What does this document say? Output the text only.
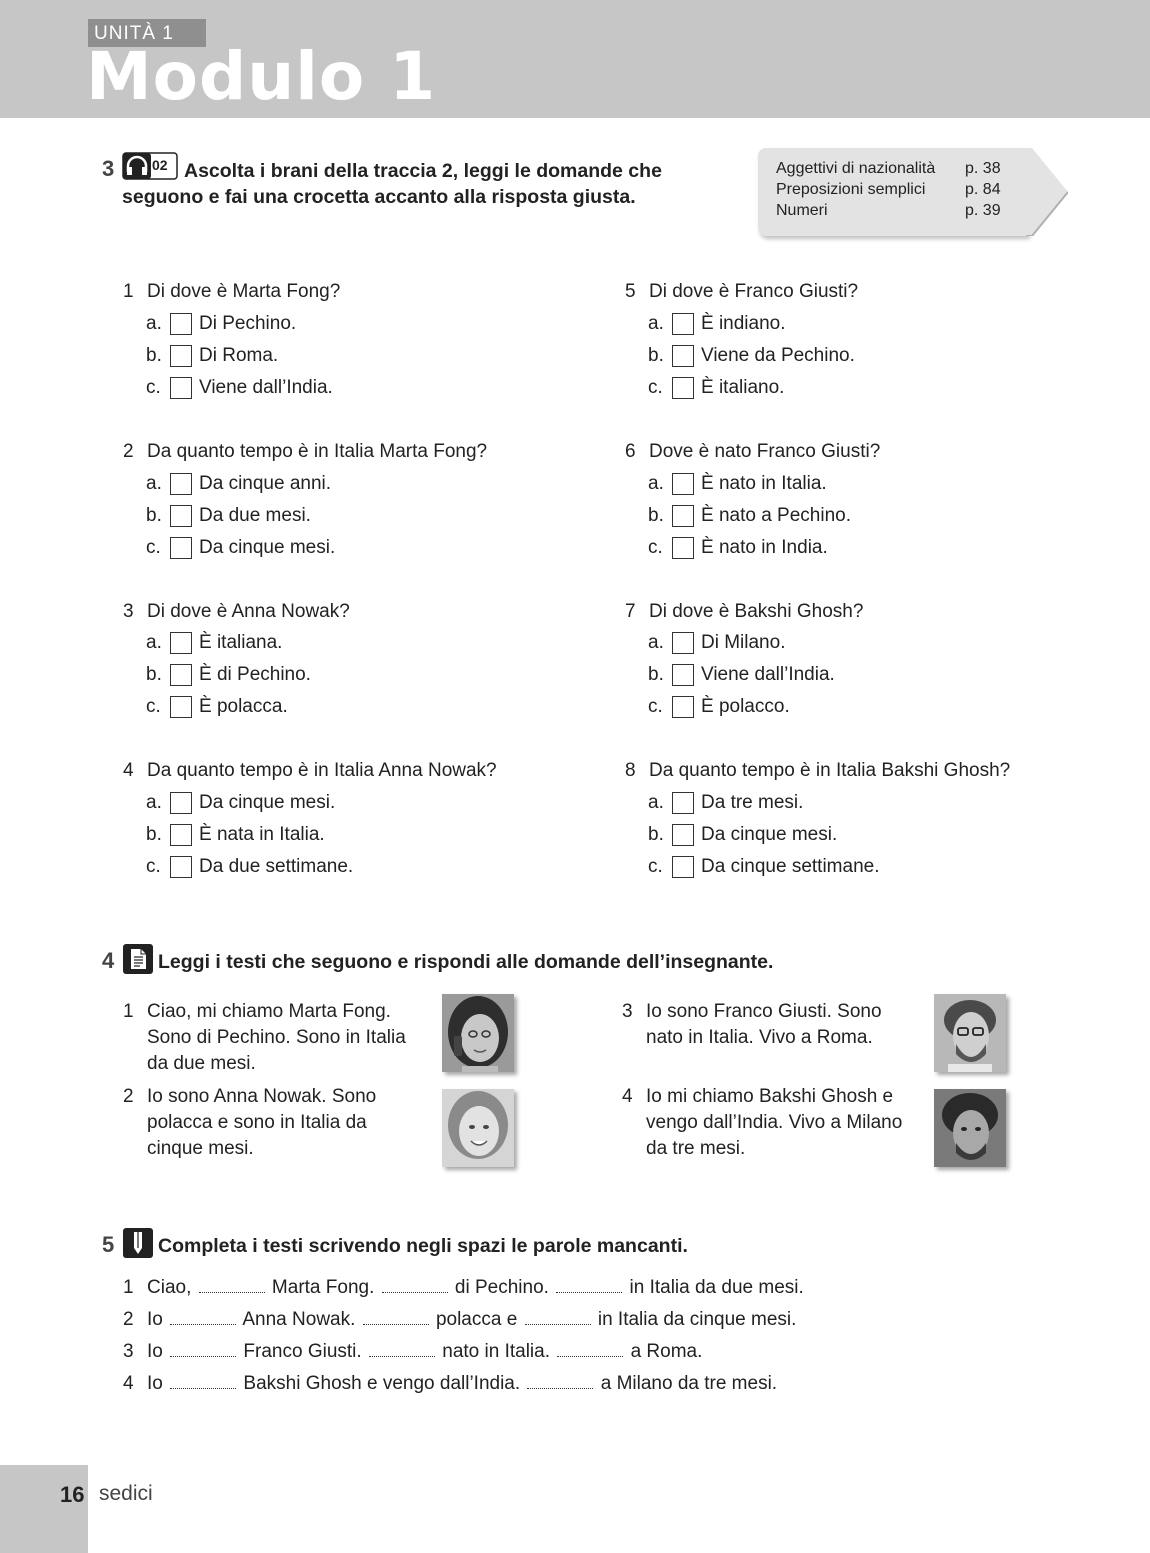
UNITÀ 1
Modulo 1
3	02 Ascolta i brani della traccia 2, leggi le domande che
seguono e fai una crocetta accanto alla risposta giusta.
Aggettivi di nazionalità p. 38
Preposizioni semplici p. 84
Numeri	p. 39
1 Di dove è Marta Fong?
a. Di Pechino.
b. Di Roma.
c. Viene dall’India.
2 Da quanto tempo è in Italia Marta Fong?
a. Da cinque anni.
b. Da due mesi.
c. Da cinque mesi.
3 Di dove è Anna Nowak?
a. È italiana.
b. È di Pechino.
c. È polacca.
4 Da quanto tempo è in Italia Anna Nowak?
a. Da cinque mesi.
b. È nata in Italia.
c. Da due settimane.
5 Di dove è Franco Giusti?
a. È indiano.
b. Viene da Pechino.
c. È italiano.
6 Dove è nato Franco Giusti?
a. È nato in Italia.
b. È nato a Pechino.
c. È nato in India.
7 Di dove è Bakshi Ghosh?
a. Di Milano.
b. Viene dall’India.
c. È polacco.
8 Da quanto tempo è in Italia Bakshi Ghosh?
a. Da tre mesi.
b. Da cinque mesi.
c. Da cinque settimane.
4 Leggi i testi che seguono e rispondi alle domande dell’insegnante.
1 Ciao, mi chiamo Marta Fong. Sono di Pechino. Sono in Italia da due mesi.
2 Io sono Anna Nowak. Sono polacca e sono in Italia da cinque mesi.
3 Io sono Franco Giusti. Sono nato in Italia. Vivo a Roma.
4 Io mi chiamo Bakshi Ghosh e vengo dall’India. Vivo a Milano da tre mesi.
5 Completa i testi scrivendo negli spazi le parole mancanti.
1 Ciao,	Marta Fong.	di Pechino.	in Italia da due mesi.
2 Io	Anna Nowak.	polacca e	in Italia da cinque mesi.
3 Io	Franco Giusti.	nato in Italia.	a Roma.
4 Io	Bakshi Ghosh e vengo dall’India.	a Milano da tre mesi.
16 sedici
